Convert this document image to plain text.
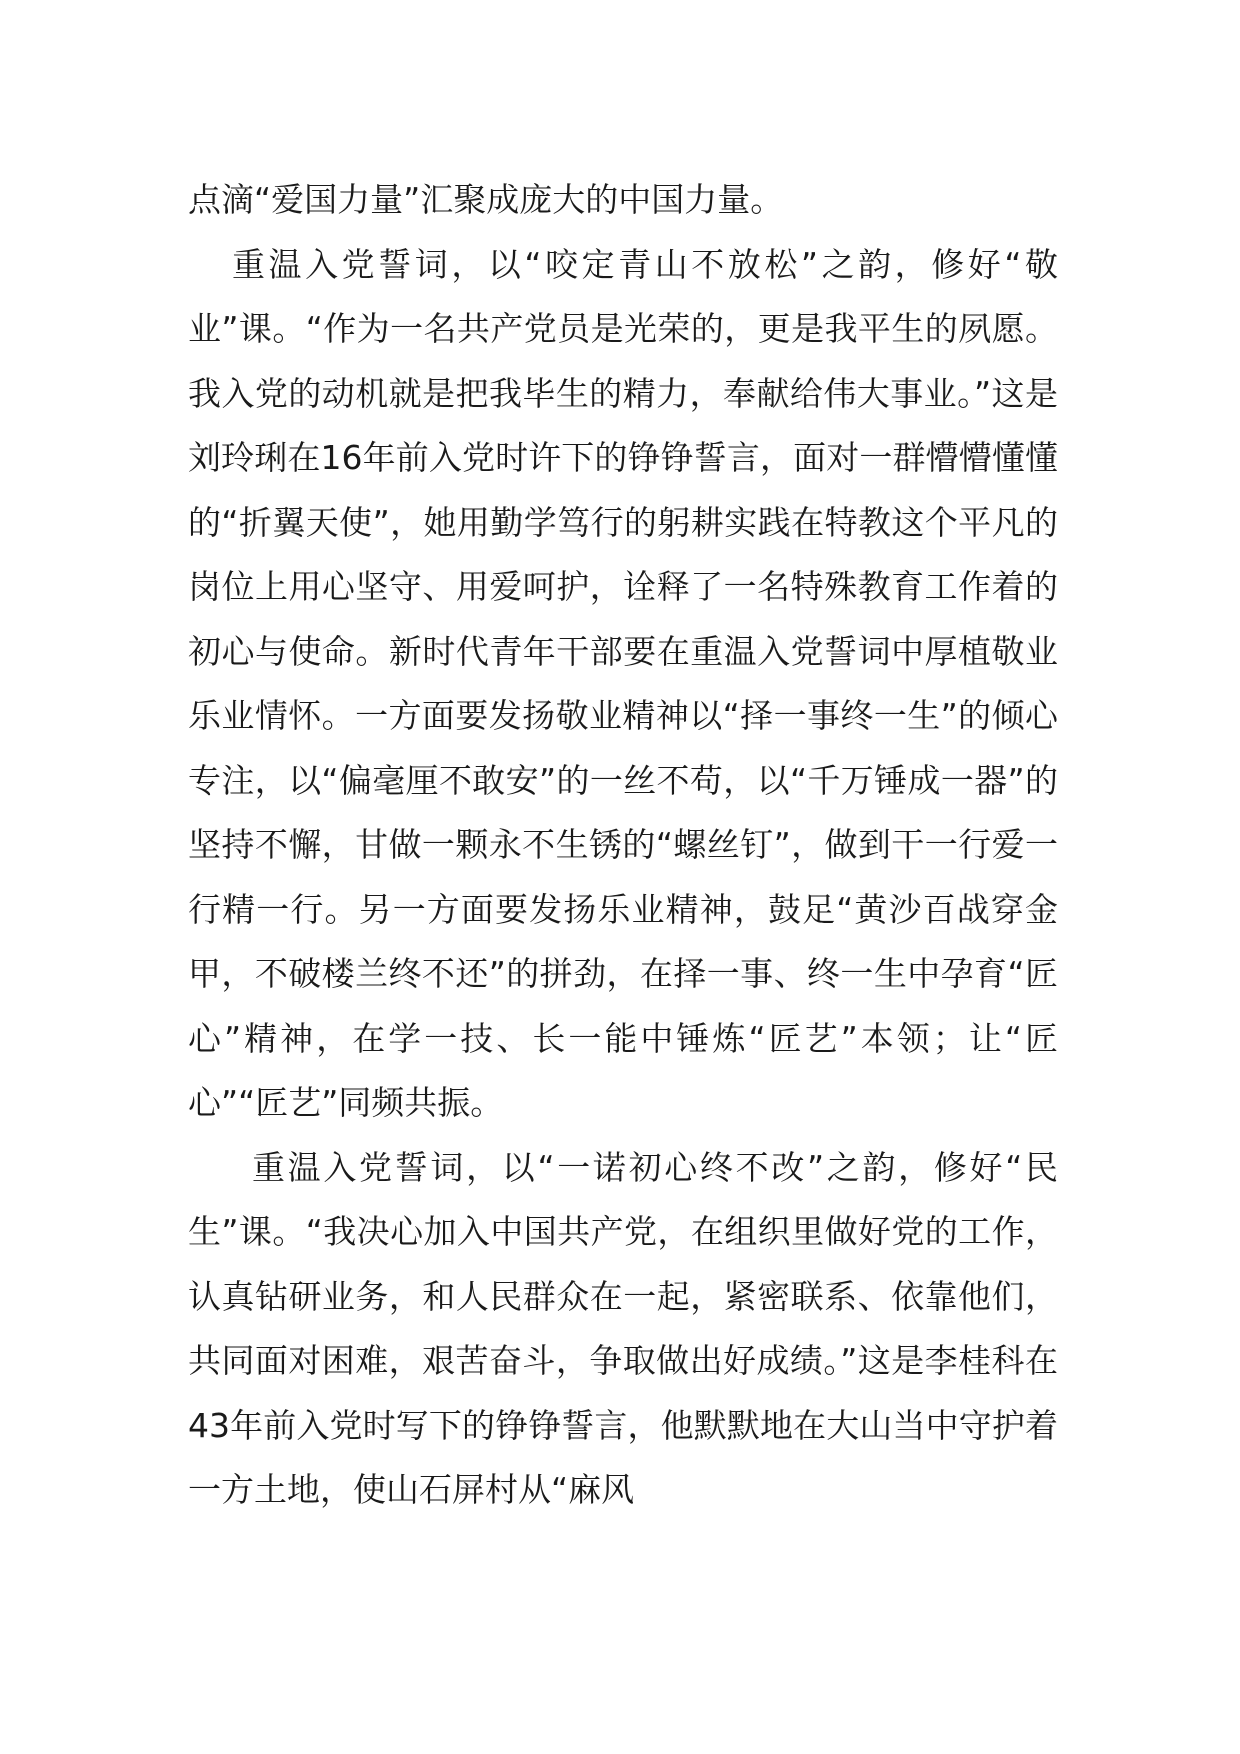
点滴“爱国力量”汇聚成庞大的中国力量。

重温入党誓词，以“咬定青山不放松”之韵，修好“敬业”课。“作为一名共产党员是光荣的，更是我平生的夙愿。我入党的动机就是把我毕生的精力，奉献给伟大事业。”这是刘玲琍在16年前入党时许下的铮铮誓言，面对一群懵懵懂懂的“折翼天使”，她用勤学笃行的躬耕实践在特教这个平凡的岗位上用心坚守、用爱呵护，诠释了一名特殊教育工作着的初心与使命。新时代青年干部要在重温入党誓词中厚植敬业乐业情怀。一方面要发扬敬业精神以“择一事终一生”的倾心专注，以“偏毫厘不敢安”的一丝不苟，以“千万锤成一器”的坚持不懈，甘做一颗永不生锈的“螺丝钉”，做到干一行爱一行精一行。另一方面要发扬乐业精神，鼓足“黄沙百战穿金甲，不破楼兰终不还”的拼劲，在择一事、终一生中孕育“匠心”精神，在学一技、长一能中锤炼“匠艺”本领；让“匠心”“匠艺”同频共振。

重温入党誓词，以“一诺初心终不改”之韵，修好“民生”课。“我决心加入中国共产党，在组织里做好党的工作，认真钻研业务，和人民群众在一起，紧密联系、依靠他们，共同面对困难，艰苦奋斗，争取做出好成绩。”这是李桂科在43年前入党时写下的铮铮誓言，他默默地在大山当中守护着一方土地，使山石屏村从“麻风
